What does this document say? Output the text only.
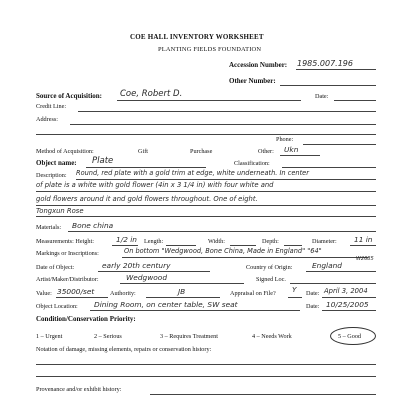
COE HALL INVENTORY WORKSHEET
PLANTING FIELDS FOUNDATION
Accession Number: 1985.007.196
Other Number:
Source of Acquisition: Coe, Robert D.	Date:
Credit Line:
Address:
Phone:
Method of Acquisition:	Gift	Purchase	Other: Ukn
Object name: Plate	Classification:
Description: Round, red plate with a gold trim at edge, white underneath. In center
of plate is a white with gold flower (4in x 3 1/4 in) with four white and
gold flowers around it and gold flowers throughout. One of eight.
Tongxun Rose
Materials: Bone china
Measurements: Height:	1/2 in Length:	Width:	Depth:	Diameter: 11 in
Markings or Inscriptions:	On bottom "Wedgwood, Bone China, Made in England" "64"
W2685
Date of Object:	early 20th century	Country of Origin:	England
Artist/Maker/Distributor:	Wedgwood	Signed Loc.
Value: 35000/set	Authority:	JB	Appraisal on File? Y Date: April 3, 2004
Object Location: Dining Room, on center table, SW seat	Date: 10/25/2005
Condition/Conservation Priority:
1 – Urgent	2 – Serious	3 – Requires Treatment	4 – Needs Work	5 – Good
Notation of damage, missing elements, repairs or conservation history:
Provenance and/or exhibit history:
